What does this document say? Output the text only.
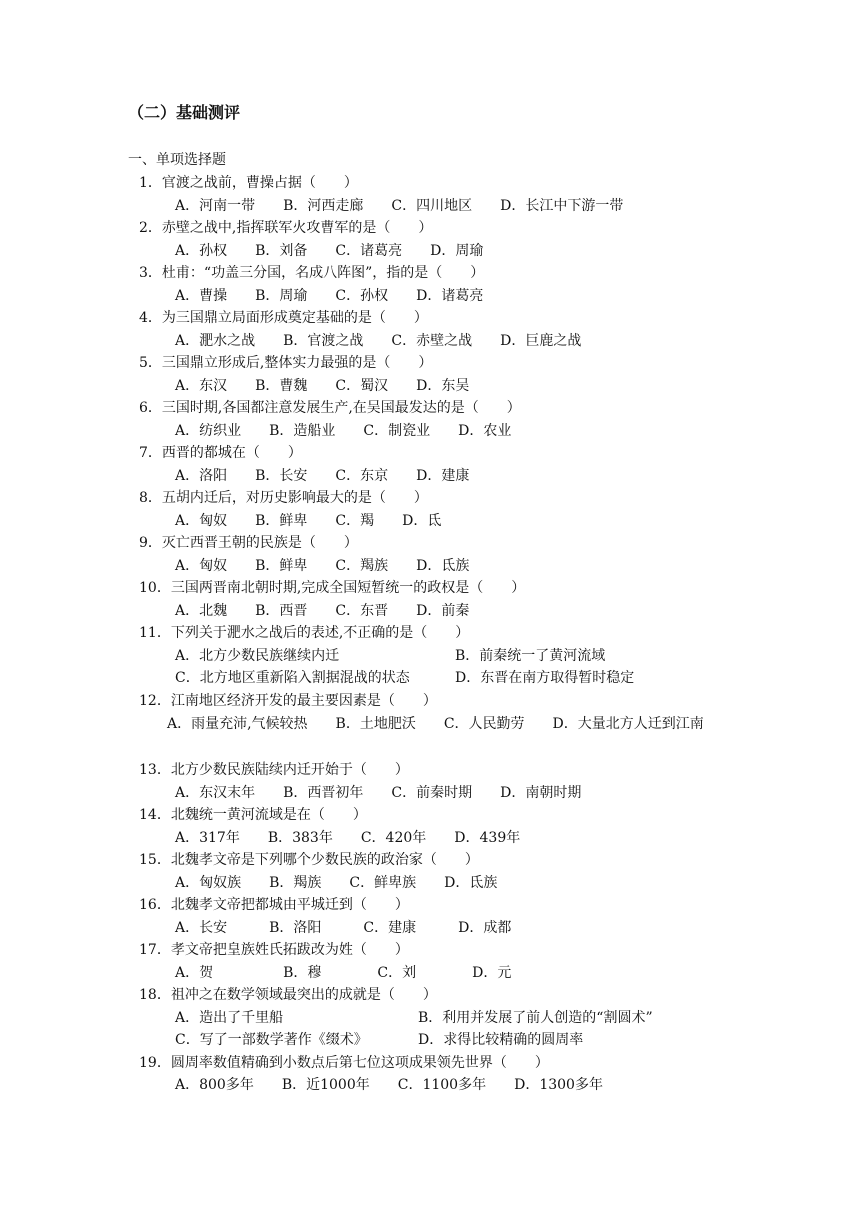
（二）基础测评
一、单项选择题
1．官渡之战前，曹操占据（　　）
A．河南一带　　B．河西走廊　　C．四川地区　　D．长江中下游一带
2．赤壁之战中,指挥联军火攻曹军的是（　　）
A．孙权　　B．刘备　　C．诸葛亮　　D．周瑜
3．杜甫：“功盖三分国，名成八阵图”，指的是（　　）
A．曹操　　B．周瑜　　C．孙权　　D．诸葛亮
4．为三国鼎立局面形成奠定基础的是（　　）
A．淝水之战　　B．官渡之战　　C．赤壁之战　　D．巨鹿之战
5．三国鼎立形成后,整体实力最强的是（　　）
A．东汉　　B．曹魏　　C．蜀汉　　D．东吴
6．三国时期,各国都注意发展生产,在吴国最发达的是（　　）
A．纺织业　　B．造船业　　C．制瓷业　　D．农业
7．西晋的都城在（　　）
A．洛阳　　B．长安　　C．东京　　D．建康
8．五胡内迁后，对历史影响最大的是（　　）
A．匈奴　　B．鲜卑　　C．羯　　D．氐
9．灭亡西晋王朝的民族是（　　）
A．匈奴　　B．鲜卑　　C．羯族　　D．氐族
10．三国两晋南北朝时期,完成全国短暂统一的政权是（　　）
A．北魏　　B．西晋　　C．东晋　　D．前秦
11．下列关于淝水之战后的表述,不正确的是（　　）
A．北方少数民族继续内迁	B．前秦统一了黄河流域
C．北方地区重新陷入割据混战的状态	D．东晋在南方取得暂时稳定
12．江南地区经济开发的最主要因素是（　　）
A．雨量充沛,气候较热　　B．土地肥沃　　C．人民勤劳　　D．大量北方人迁到江南
13．北方少数民族陆续内迁开始于（　　）
A．东汉末年　　B．西晋初年　　C．前秦时期　　D．南朝时期
14．北魏统一黄河流域是在（　　）
A．317年　　B．383年　　C．420年　　D．439年
15．北魏孝文帝是下列哪个少数民族的政治家（　　）
A．匈奴族　　B．羯族　　C．鲜卑族　　D．氐族
16．北魏孝文帝把都城由平城迁到（　　）
A．长安　　　B．洛阳　　　C．建康　　　D．成都
17．孝文帝把皇族姓氏拓跋改为姓（　　）
A．贺　　　　　B．穆　　　　C．刘　　　　D．元
18．祖冲之在数学领域最突出的成就是（　　）
A．造出了千里船	B．利用并发展了前人创造的“割圆术”
C．写了一部数学著作《缀术》	D．求得比较精确的圆周率
19．圆周率数值精确到小数点后第七位这项成果领先世界（　　）
A．800多年　　B．近1000年　　C．1100多年　　D．1300多年
